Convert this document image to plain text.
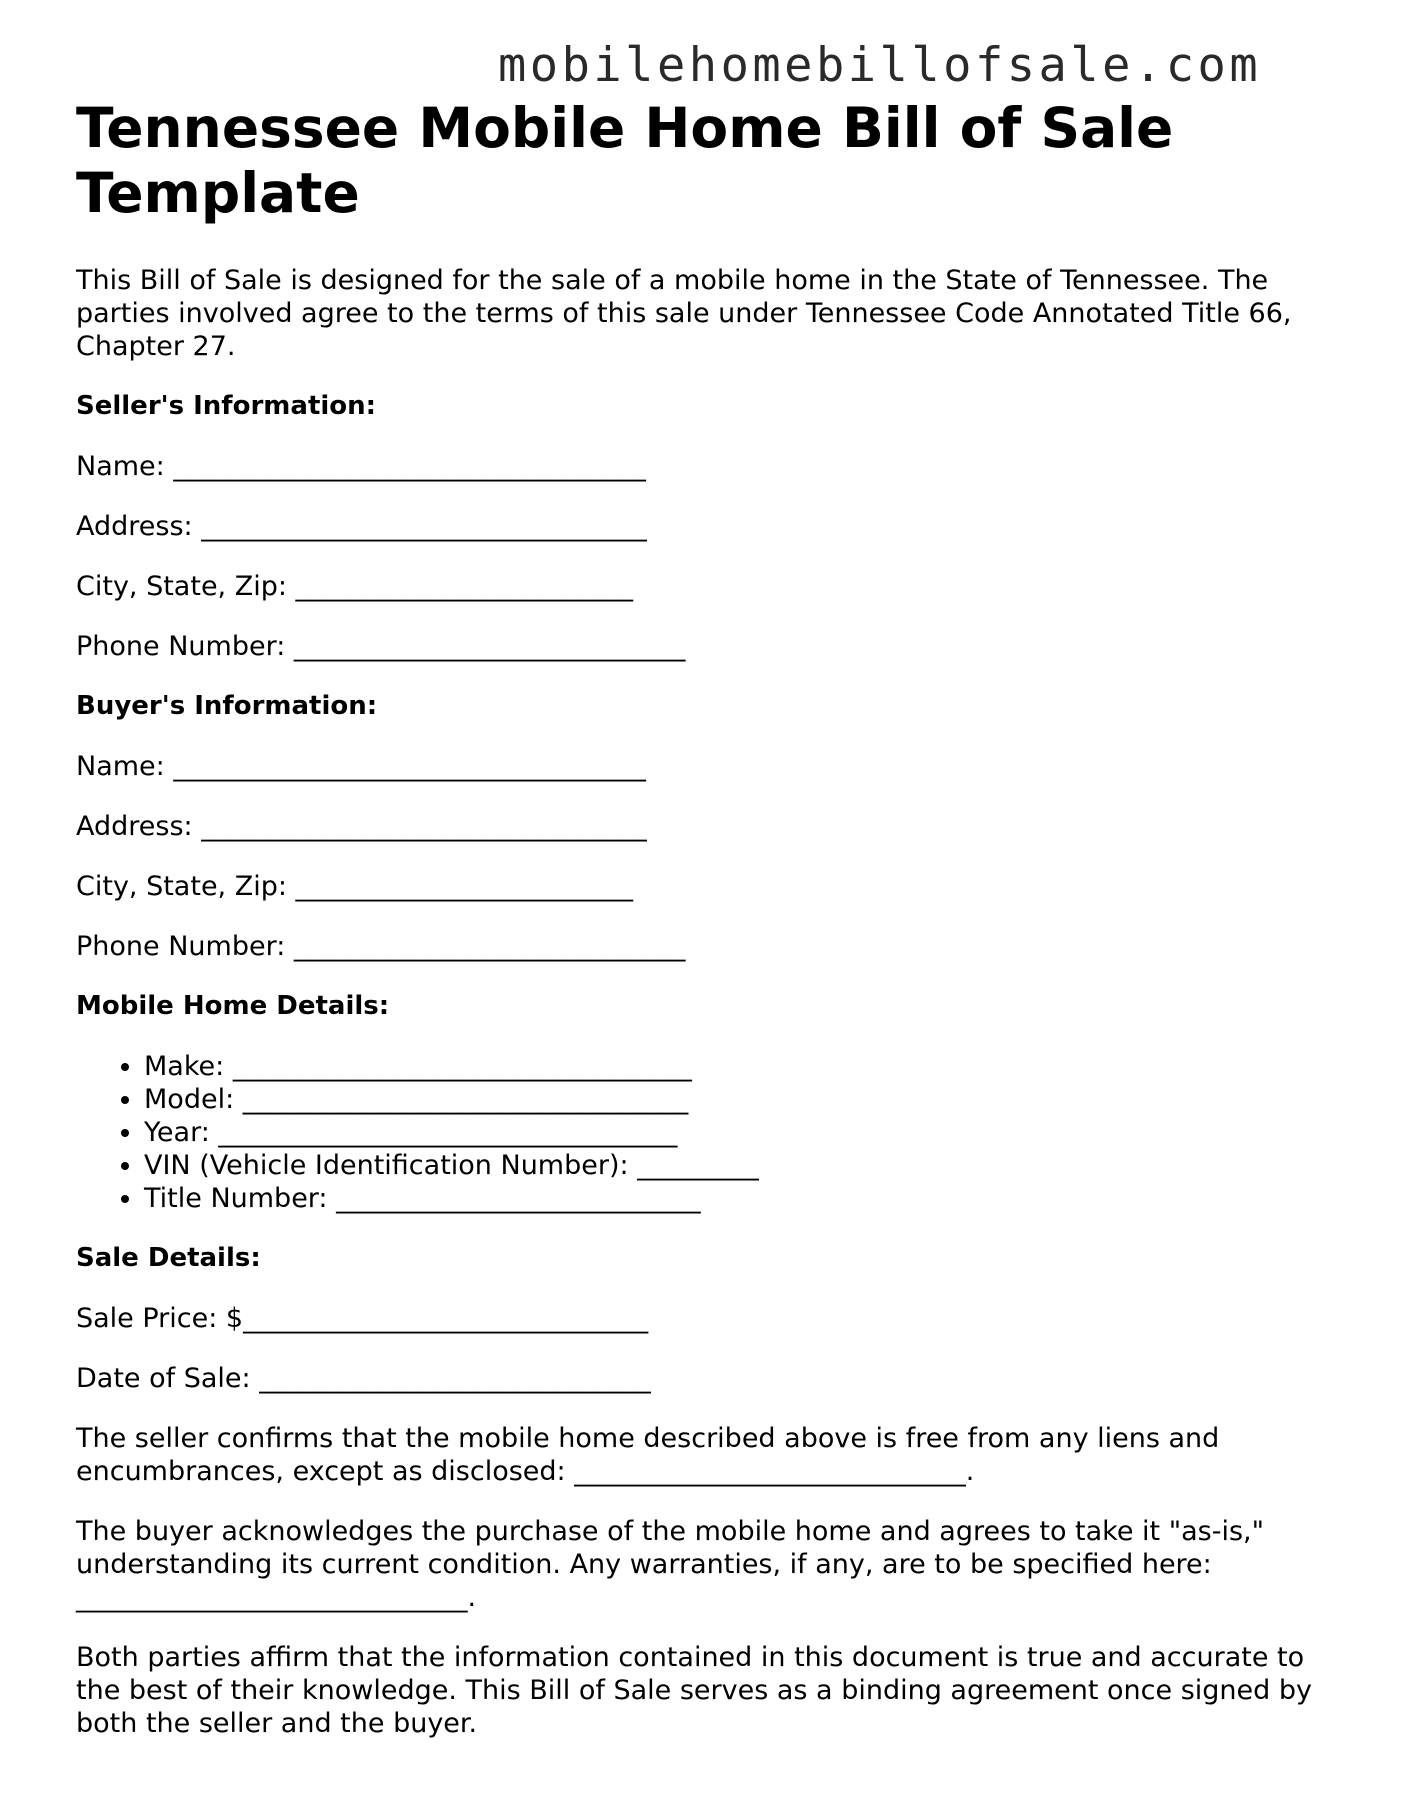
mobilehomebillofsale.com
Tennessee Mobile Home Bill of Sale Template

This Bill of Sale is designed for the sale of a mobile home in the State of Tennessee. The parties involved agree to the terms of this sale under Tennessee Code Annotated Title 66, Chapter 27.

Seller's Information:
Name: ___________________________________
Address: _________________________________
City, State, Zip: _________________________
Phone Number: _____________________________
Buyer's Information:
Name: ___________________________________
Address: _________________________________
City, State, Zip: _________________________
Phone Number: _____________________________
Mobile Home Details:
• Make: __________________________________
• Model: _________________________________
• Year: __________________________________
• VIN (Vehicle Identification Number): _________
• Title Number: ___________________________
Sale Details:
Sale Price: $______________________________
Date of Sale: _____________________________

The seller confirms that the mobile home described above is free from any liens and encumbrances, except as disclosed: _____________________________.

The buyer acknowledges the purchase of the mobile home and agrees to take it "as-is," understanding its current condition. Any warranties, if any, are to be specified here: _____________________________.

Both parties affirm that the information contained in this document is true and accurate to the best of their knowledge. This Bill of Sale serves as a binding agreement once signed by both the seller and the buyer.
